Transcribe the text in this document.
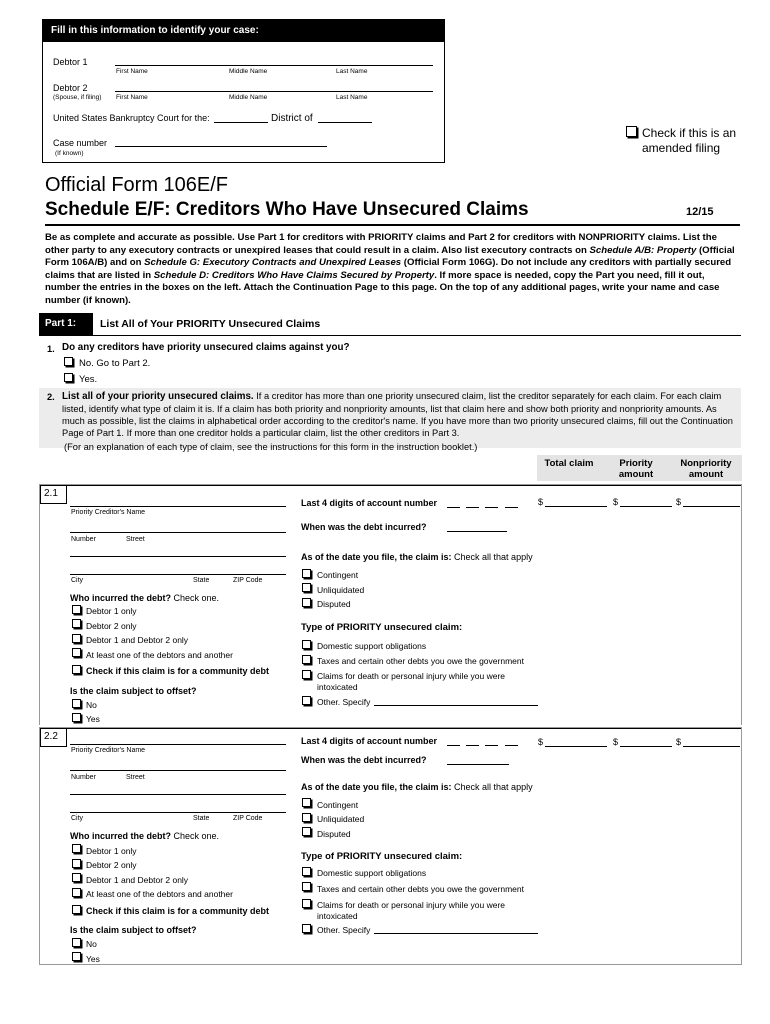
Fill in this information to identify your case:
Debtor 1
First Name	Middle Name	Last Name
Debtor 2
(Spouse, if filing) First Name	Middle Name	Last Name
United States Bankruptcy Court for the:	District of
Case number
(If known)
Check if this is an
amended filing
Official Form 106E/F
Schedule E/F: Creditors Who Have Unsecured Claims	12/15
Be as complete and accurate as possible. Use Part 1 for creditors with PRIORITY claims and Part 2 for creditors with NONPRIORITY claims. List the other party to any executory contracts or unexpired leases that could result in a claim. Also list executory contracts on Schedule A/B: Property (Official Form 106A/B) and on Schedule G: Executory Contracts and Unexpired Leases (Official Form 106G). Do not include any creditors with partially secured claims that are listed in Schedule D: Creditors Who Have Claims Secured by Property. If more space is needed, copy the Part you need, fill it out, number the entries in the boxes on the left. Attach the Continuation Page to this page. On the top of any additional pages, write your name and case number (if known).
Part 1:	List All of Your PRIORITY Unsecured Claims
1. Do any creditors have priority unsecured claims against you?
No. Go to Part 2.
Yes.
2. List all of your priority unsecured claims. If a creditor has more than one priority unsecured claim, list the creditor separately for each claim. For each claim listed, identify what type of claim it is. If a claim has both priority and nonpriority amounts, list that claim here and show both priority and nonpriority amounts. As much as possible, list the claims in alphabetical order according to the creditor's name. If you have more than two priority unsecured claims, fill out the Continuation Page of Part 1. If more than one creditor holds a particular claim, list the other creditors in Part 3.
(For an explanation of each type of claim, see the instructions for this form in the instruction booklet.)
Total claim	Priority
amount
Nonpriority
amount
2.1
Priority Creditor's Name
Number	Street
City	State	ZIP Code
Who incurred the debt? Check one.
Debtor 1 only
Debtor 2 only
Debtor 1 and Debtor 2 only
At least one of the debtors and another
Check if this claim is for a community debt
Is the claim subject to offset?
No
Yes
Last 4 digits of account number	$	$	$
When was the debt incurred?
As of the date you file, the claim is: Check all that apply
Contingent
Unliquidated
Disputed
Type of PRIORITY unsecured claim:
Domestic support obligations
Taxes and certain other debts you owe the government
Claims for death or personal injury while you were
intoxicated
Other. Specify
2.2
Priority Creditor's Name
Number	Street
City	State	ZIP Code
Who incurred the debt? Check one.
Debtor 1 only
Debtor 2 only
Debtor 1 and Debtor 2 only
At least one of the debtors and another
Check if this claim is for a community debt
Is the claim subject to offset?
No
Yes
Last 4 digits of account number	$	$	$
When was the debt incurred?
As of the date you file, the claim is: Check all that apply
Contingent
Unliquidated
Disputed
Type of PRIORITY unsecured claim:
Domestic support obligations
Taxes and certain other debts you owe the government
Claims for death or personal injury while you were
intoxicated
Other. Specify
